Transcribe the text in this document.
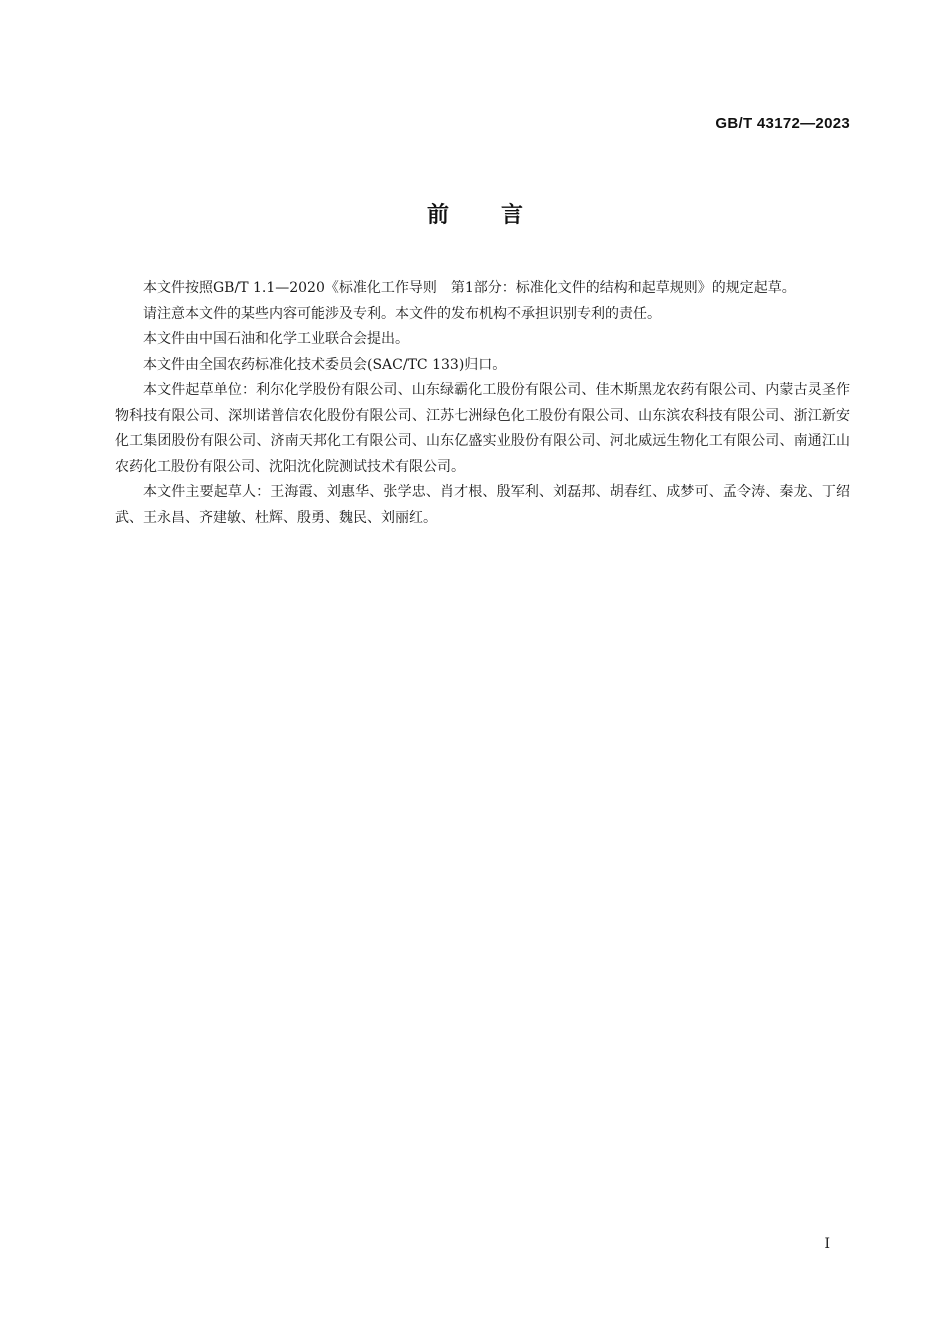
GB/T 43172—2023
前言

本文件按照GB/T 1.1—2020《标准化工作导则　第1部分：标准化文件的结构和起草规则》的规定起草。

请注意本文件的某些内容可能涉及专利。本文件的发布机构不承担识别专利的责任。

本文件由中国石油和化学工业联合会提出。

本文件由全国农药标准化技术委员会(SAC/TC 133)归口。

本文件起草单位：利尔化学股份有限公司、山东绿霸化工股份有限公司、佳木斯黑龙农药有限公司、内蒙古灵圣作物科技有限公司、深圳诺普信农化股份有限公司、江苏七洲绿色化工股份有限公司、山东滨农科技有限公司、浙江新安化工集团股份有限公司、济南天邦化工有限公司、山东亿盛实业股份有限公司、河北威远生物化工有限公司、南通江山农药化工股份有限公司、沈阳沈化院测试技术有限公司。

本文件主要起草人：王海霞、刘惠华、张学忠、肖才根、殷军利、刘磊邦、胡春红、成梦可、孟令涛、秦龙、丁绍武、王永昌、齐建敏、杜辉、殷勇、魏民、刘丽红。

I
